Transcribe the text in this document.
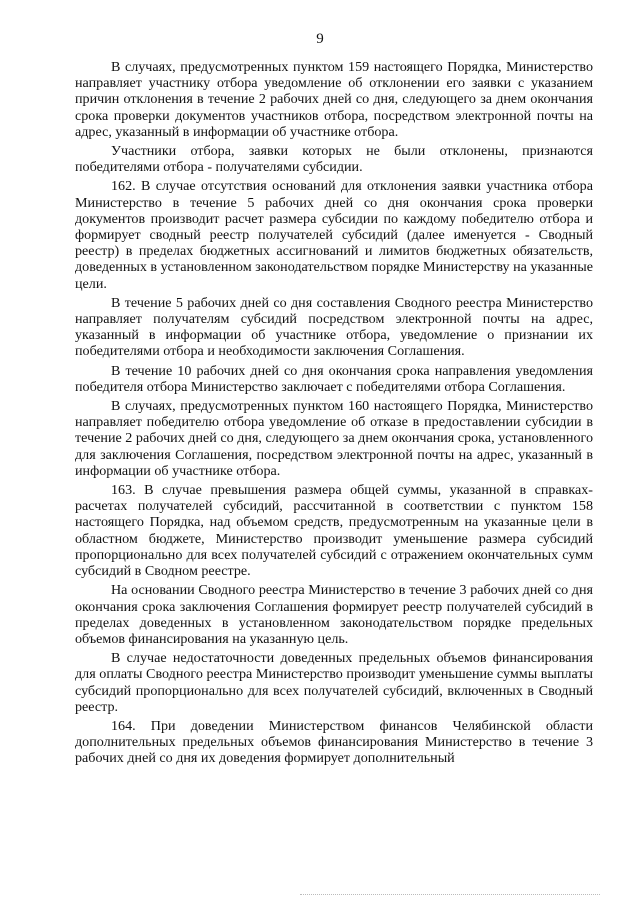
9

В случаях, предусмотренных пунктом 159 настоящего Порядка, Министерство направляет участнику отбора уведомление об отклонении его заявки с указанием причин отклонения в течение 2 рабочих дней со дня, следующего за днем окончания срока проверки документов участников отбора, посредством электронной почты на адрес, указанный в информации об участнике отбора.

Участники отбора, заявки которых не были отклонены, признаются победителями отбора - получателями субсидии.

162. В случае отсутствия оснований для отклонения заявки участника отбора Министерство в течение 5 рабочих дней со дня окончания срока проверки документов производит расчет размера субсидии по каждому победителю отбора и формирует сводный реестр получателей субсидий (далее именуется - Сводный реестр) в пределах бюджетных ассигнований и лимитов бюджетных обязательств, доведенных в установленном законодательством порядке Министерству на указанные цели.

В течение 5 рабочих дней со дня составления Сводного реестра Министерство направляет получателям субсидий посредством электронной почты на адрес, указанный в информации об участнике отбора, уведомление о признании их победителями отбора и необходимости заключения Соглашения.

В течение 10 рабочих дней со дня окончания срока направления уведомления победителя отбора Министерство заключает с победителями отбора Соглашения.

В случаях, предусмотренных пунктом 160 настоящего Порядка, Министерство направляет победителю отбора уведомление об отказе в предоставлении субсидии в течение 2 рабочих дней со дня, следующего за днем окончания срока, установленного для заключения Соглашения, посредством электронной почты на адрес, указанный в информации об участнике отбора.

163. В случае превышения размера общей суммы, указанной в справках-расчетах получателей субсидий, рассчитанной в соответствии с пунктом 158 настоящего Порядка, над объемом средств, предусмотренным на указанные цели в областном бюджете, Министерство производит уменьшение размера субсидий пропорционально для всех получателей субсидий с отражением окончательных сумм субсидий в Сводном реестре.

На основании Сводного реестра Министерство в течение 3 рабочих дней со дня окончания срока заключения Соглашения формирует реестр получателей субсидий в пределах доведенных в установленном законодательством порядке предельных объемов финансирования на указанную цель.

В случае недостаточности доведенных предельных объемов финансирования для оплаты Сводного реестра Министерство производит уменьшение суммы выплаты субсидий пропорционально для всех получателей субсидий, включенных в Сводный реестр.

164. При доведении Министерством финансов Челябинской области дополнительных предельных объемов финансирования Министерство в течение 3 рабочих дней со дня их доведения формирует дополнительный
